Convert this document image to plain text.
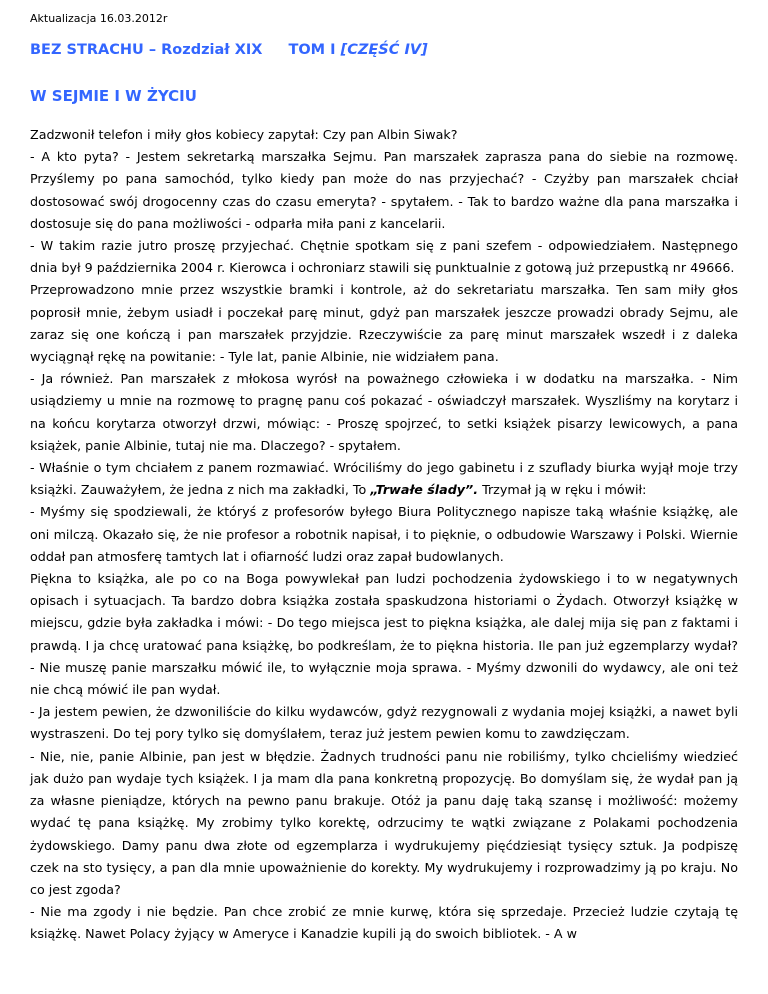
Aktualizacja 16.03.2012r

BEZ STRACHU – Rozdział XIX TOM I [CZĘŚĆ IV]
W SEJMIE I W ŻYCIU

Zadzwonił telefon i miły głos kobiecy zapytał: Czy pan Albin Siwak?

- A kto pyta? - Jestem sekretarką marszałka Sejmu. Pan marszałek zaprasza pana do siebie na rozmowę. Przyślemy po pana samochód, tylko kiedy pan może do nas przyjechać? - Czyżby pan marszałek chciał dostosować swój drogocenny czas do czasu emeryta? - spytałem. - Tak to bardzo ważne dla pana marszałka i dostosuje się do pana możliwości - odparła miła pani z kancelarii.

- W takim razie jutro proszę przyjechać. Chętnie spotkam się z pani szefem - odpowiedziałem. Następnego dnia był 9 października 2004 r. Kierowca i ochroniarz stawili się punktualnie z gotową już przepustką nr 49666.

Przeprowadzono mnie przez wszystkie bramki i kontrole, aż do sekretariatu marszałka. Ten sam miły głos poprosił mnie, żebym usiadł i poczekał parę minut, gdyż pan marszałek jeszcze prowadzi obrady Sejmu, ale zaraz się one kończą i pan marszałek przyjdzie. Rzeczywiście za parę minut marszałek wszedł i z daleka wyciągnął rękę na powitanie: - Tyle lat, panie Albinie, nie widziałem pana.

- Ja również. Pan marszałek z młokosa wyrósł na poważnego człowieka i w dodatku na marszałka. - Nim usiądziemy u mnie na rozmowę to pragnę panu coś pokazać - oświadczył marszałek. Wyszliśmy na korytarz i na końcu korytarza otworzył drzwi, mówiąc: - Proszę spojrzeć, to setki książek pisarzy lewicowych, a pana książek, panie Albinie, tutaj nie ma. Dlaczego? - spytałem.

- Właśnie o tym chciałem z panem rozmawiać. Wróciliśmy do jego gabinetu i z szuflady biurka wyjął moje trzy książki. Zauważyłem, że jedna z nich ma zakładki, To „Trwałe ślady”. Trzymał ją w ręku i mówił:

- Myśmy się spodziewali, że któryś z profesorów byłego Biura Politycznego napisze taką właśnie książkę, ale oni milczą. Okazało się, że nie profesor a robotnik napisał, i to pięknie, o odbudowie Warszawy i Polski. Wiernie oddał pan atmosferę tamtych lat i ofiarność ludzi oraz zapał budowlanych.

Piękna to książka, ale po co na Boga powywlekał pan ludzi pochodzenia żydowskiego i to w negatywnych opisach i sytuacjach. Ta bardzo dobra książka została spaskudzona historiami o Żydach. Otworzył książkę w miejscu, gdzie była zakładka i mówi: - Do tego miejsca jest to piękna książka, ale dalej mija się pan z faktami i prawdą. I ja chcę uratować pana książkę, bo podkreślam, że to piękna historia. Ile pan już egzemplarzy wydał? - Nie muszę panie marszałku mówić ile, to wyłącznie moja sprawa. - Myśmy dzwonili do wydawcy, ale oni też nie chcą mówić ile pan wydał.

- Ja jestem pewien, że dzwoniliście do kilku wydawców, gdyż rezygnowali z wydania mojej książki, a nawet byli wystraszeni. Do tej pory tylko się domyślałem, teraz już jestem pewien komu to zawdzięczam.

- Nie, nie, panie Albinie, pan jest w błędzie. Żadnych trudności panu nie robiliśmy, tylko chcieliśmy wiedzieć jak dużo pan wydaje tych książek. I ja mam dla pana konkretną propozycję. Bo domyślam się, że wydał pan ją za własne pieniądze, których na pewno panu brakuje. Otóż ja panu daję taką szansę i możliwość: możemy wydać tę pana książkę. My zrobimy tylko korektę, odrzucimy te wątki związane z Polakami pochodzenia żydowskiego. Damy panu dwa złote od egzemplarza i wydrukujemy pięćdziesiąt tysięcy sztuk. Ja podpiszę czek na sto tysięcy, a pan dla mnie upoważnienie do korekty. My wydrukujemy i rozprowadzimy ją po kraju. No co jest zgoda?

- Nie ma zgody i nie będzie. Pan chce zrobić ze mnie kurwę, która się sprzedaje. Przecież ludzie czytają tę książkę. Nawet Polacy żyjący w Ameryce i Kanadzie kupili ją do swoich bibliotek. - A w
